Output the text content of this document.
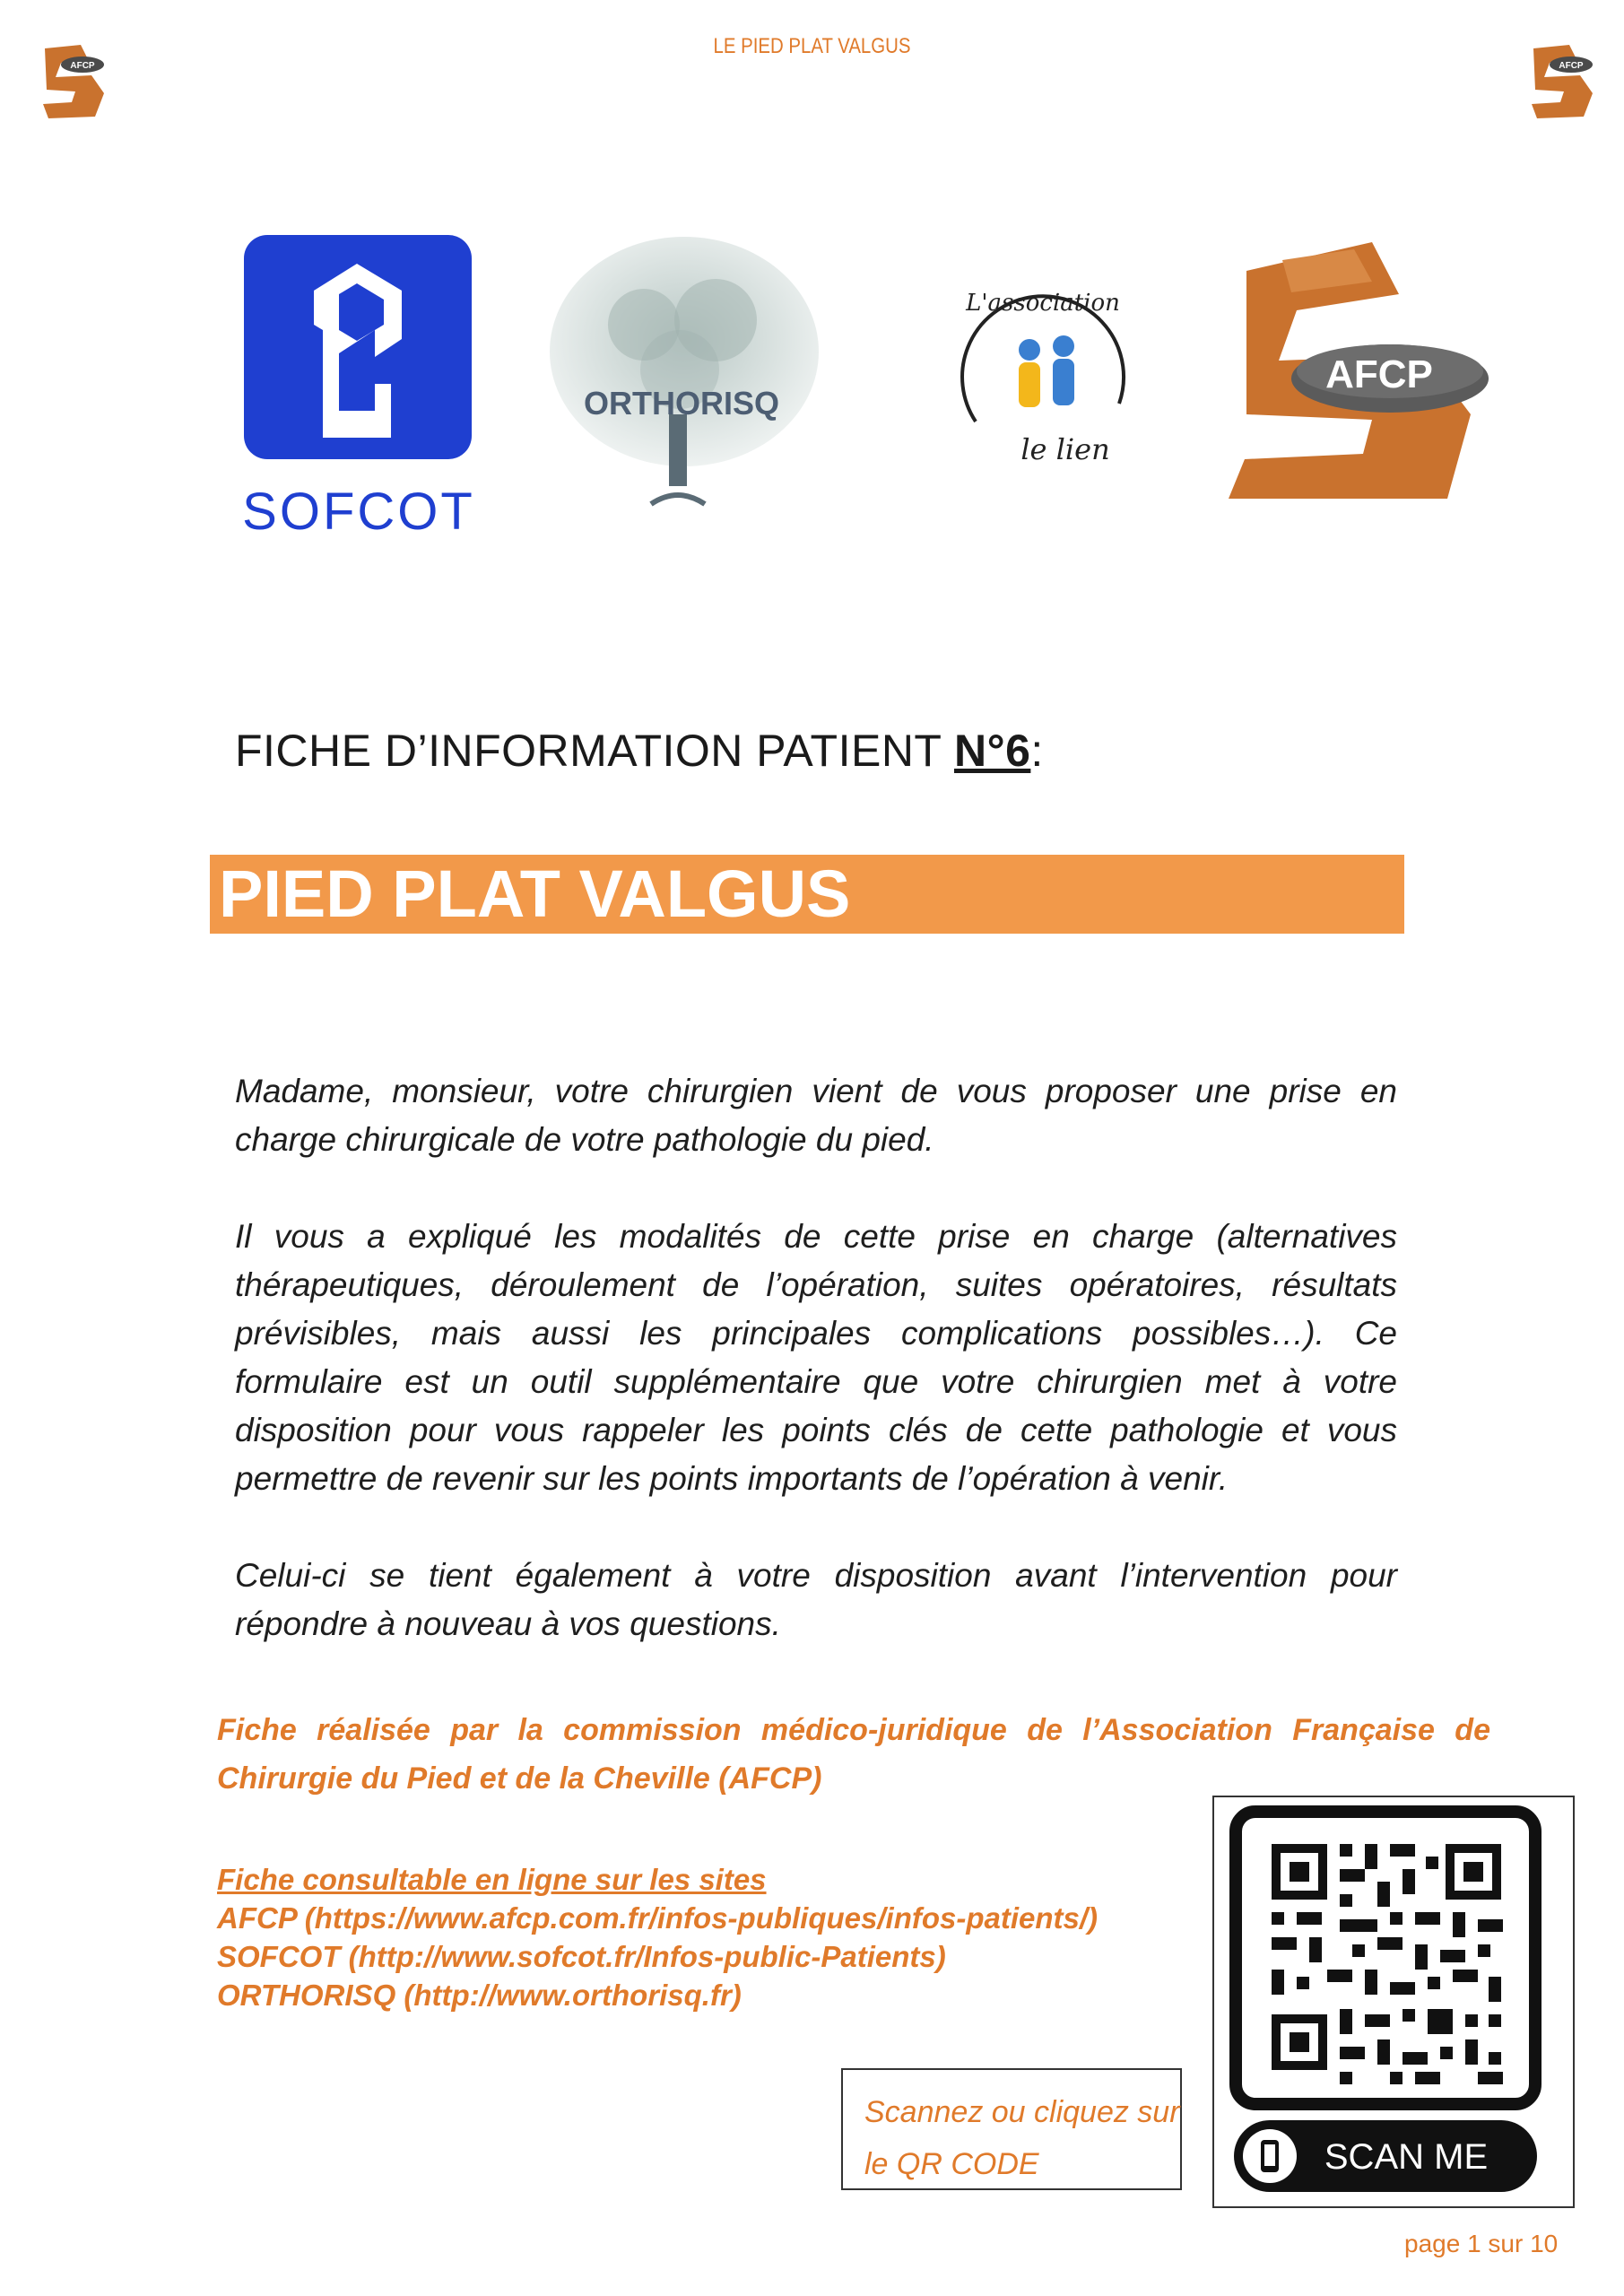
LE PIED PLAT VALGUS
AFCP	AFCP
SOFCOT
ORTHORISQ
L'association
le lien
AFCP
FICHE D’INFORMATION PATIENT N°6:
PIED PLAT VALGUS
Madame, monsieur, votre chirurgien vient de vous proposer une prise en charge chirurgicale de votre pathologie du pied.
Il vous a expliqué les modalités de cette prise en charge (alternatives thérapeutiques, déroulement de l’opération, suites opératoires, résultats prévisibles, mais aussi les principales complications possibles…). Ce formulaire est un outil supplémentaire que votre chirurgien met à votre disposition pour vous rappeler les points clés de cette pathologie et vous permettre de revenir sur les points importants de l’opération à venir.
Celui-ci se tient également à votre disposition avant l’intervention pour répondre à nouveau à vos questions.
Fiche réalisée par la commission médico-juridique de l’Association Française de Chirurgie du Pied et de la Cheville (AFCP)
Fiche consultable en ligne sur les sites
AFCP (https://www.afcp.com.fr/infos-publiques/infos-patients/)
SOFCOT (http://www.sofcot.fr/Infos-public-Patients)
ORTHORISQ (http://www.orthorisq.fr)
Scannez ou cliquez sur
le QR CODE	SCAN ME
page 1 sur 10
